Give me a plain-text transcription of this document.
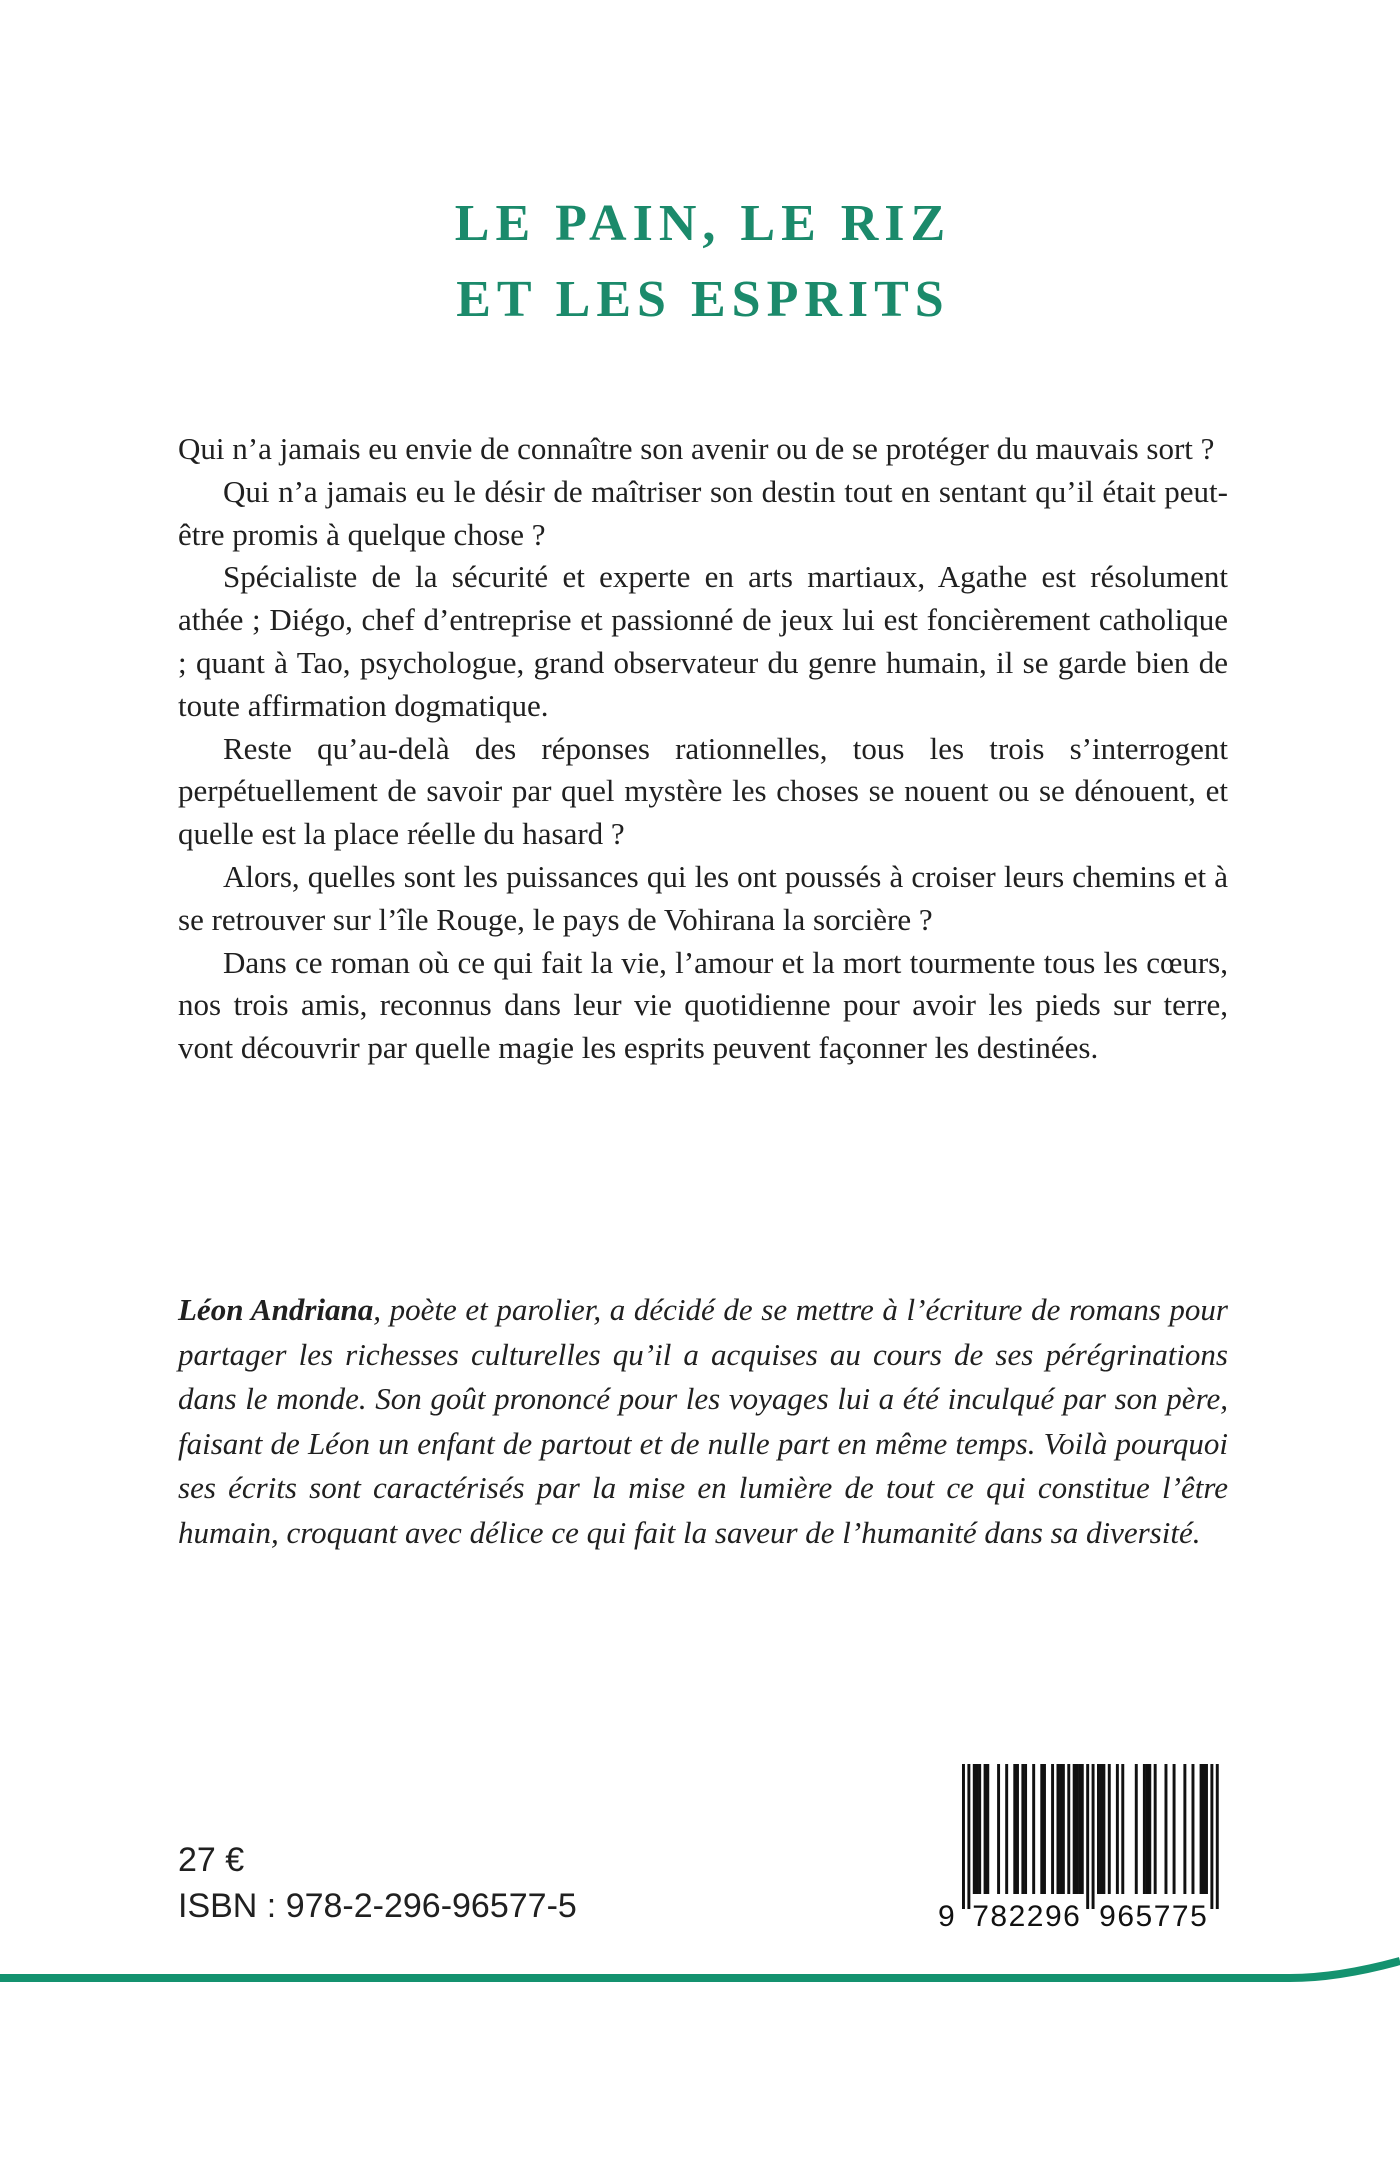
LE PAIN, LE RIZ
ET LES ESPRITS

Qui n’a jamais eu envie de connaître son avenir ou de se protéger du mauvais sort ?

Qui n’a jamais eu le désir de maîtriser son destin tout en sentant qu’il était peut-être promis à quelque chose ?

Spécialiste de la sécurité et experte en arts martiaux, Agathe est résolument athée ; Diégo, chef d’entreprise et passionné de jeux lui est foncièrement catholique ; quant à Tao, psychologue, grand observateur du genre humain, il se garde bien de toute affirmation dogmatique.

Reste qu’au-delà des réponses rationnelles, tous les trois s’interrogent perpétuellement de savoir par quel mystère les choses se nouent ou se dénouent, et quelle est la place réelle du hasard ?

Alors, quelles sont les puissances qui les ont poussés à croiser leurs chemins et à se retrouver sur l’île Rouge, le pays de Vohirana la sorcière ?

Dans ce roman où ce qui fait la vie, l’amour et la mort tourmente tous les cœurs, nos trois amis, reconnus dans leur vie quotidienne pour avoir les pieds sur terre, vont découvrir par quelle magie les esprits peuvent façonner les destinées.

Léon Andriana, poète et parolier, a décidé de se mettre à l’écriture de romans pour partager les richesses culturelles qu’il a acquises au cours de ses pérégrinations dans le monde. Son goût prononcé pour les voyages lui a été inculqué par son père, faisant de Léon un enfant de partout et de nulle part en même temps. Voilà pourquoi ses écrits sont caractérisés par la mise en lumière de tout ce qui constitue l’être humain, croquant avec délice ce qui fait la saveur de l’humanité dans sa diversité.

27 €
ISBN : 978-2-296-96577-5	9 782296 965775
